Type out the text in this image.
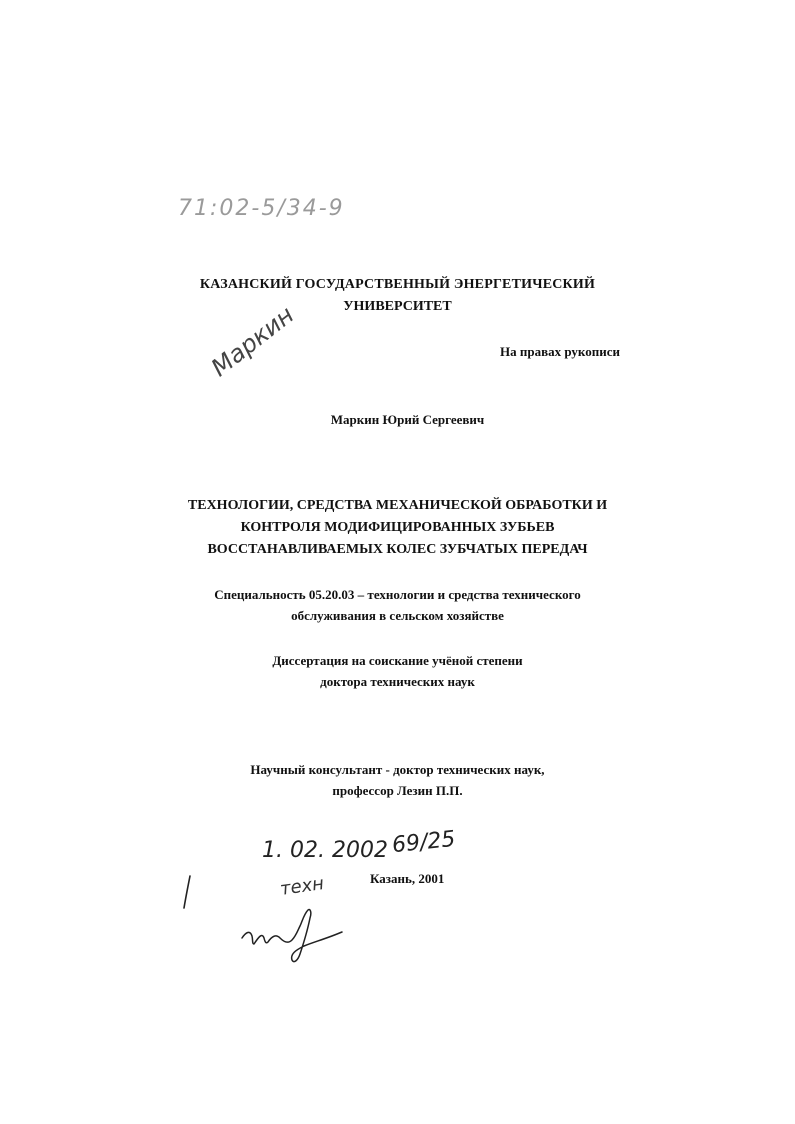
71:02-5/34-9
КАЗАНСКИЙ ГОСУДАРСТВЕННЫЙ ЭНЕРГЕТИЧЕСКИЙ
УНИВЕРСИТЕТ
Маркин	На правах рукописи
Маркин Юрий Сергеевич
ТЕХНОЛОГИИ, СРЕДСТВА МЕХАНИЧЕСКОЙ ОБРАБОТКИ И
КОНТРОЛЯ МОДИФИЦИРОВАННЫХ ЗУБЬЕВ
ВОССТАНАВЛИВАЕМЫХ КОЛЕС ЗУБЧАТЫХ ПЕРЕДАЧ
Специальность 05.20.03 – технологии и средства технического
обслуживания в сельском хозяйстве
Диссертация на соискание учёной степени
доктора технических наук
Научный консультант - доктор технических наук,
профессор Лезин П.П.
1. 02. 2002 69/25
Казань, 2001
техн
